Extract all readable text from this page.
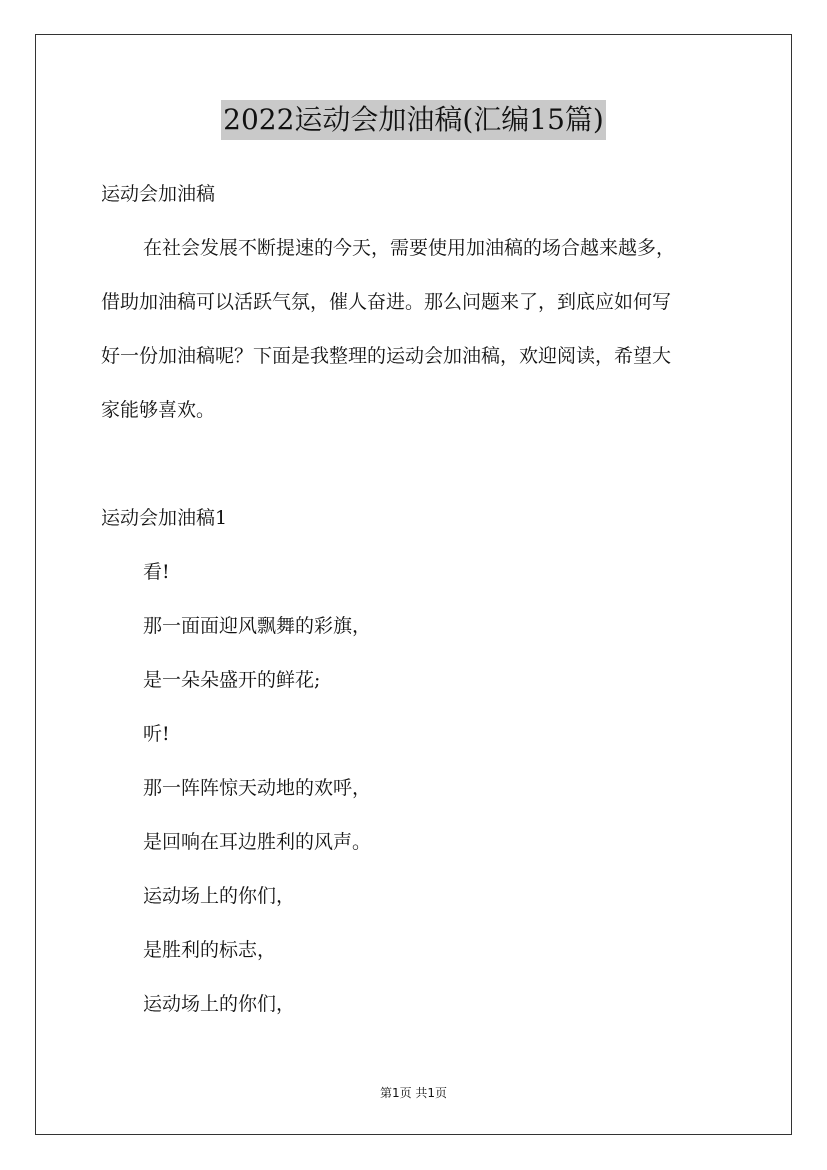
2022运动会加油稿(汇编15篇)
运动会加油稿
在社会发展不断提速的今天，需要使用加油稿的场合越来越多，
借助加油稿可以活跃气氛，催人奋进。那么问题来了，到底应如何写
好一份加油稿呢？下面是我整理的运动会加油稿，欢迎阅读，希望大
家能够喜欢。
运动会加油稿1
看!
那一面面迎风飘舞的彩旗，
是一朵朵盛开的鲜花;
听!
那一阵阵惊天动地的欢呼，
是回响在耳边胜利的风声。
运动场上的你们，
是胜利的标志，
运动场上的你们，
第1页 共1页
